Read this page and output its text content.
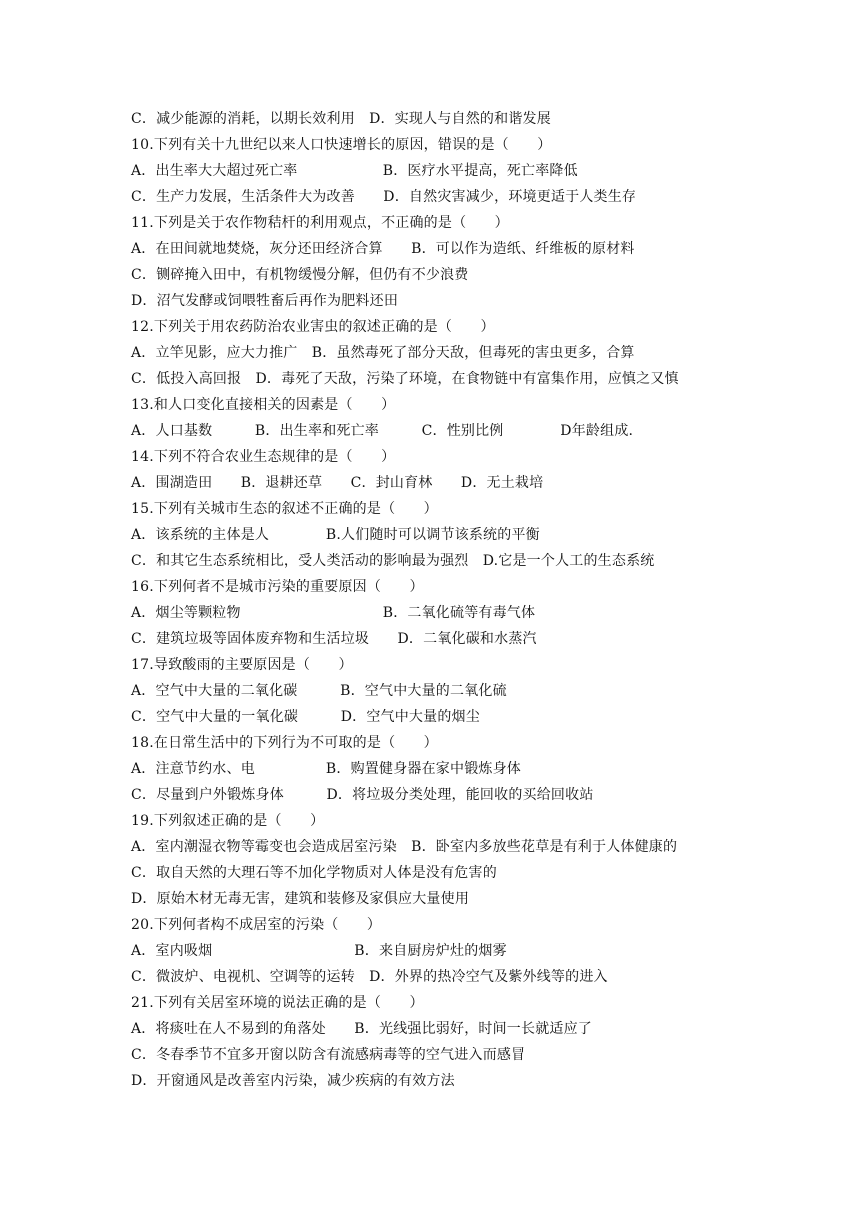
C．减少能源的消耗，以期长效利用　D．实现人与自然的和谐发展
10.下列有关十九世纪以来人口快速增长的原因，错误的是（　　）
A．出生率大大超过死亡率　　　　　　B．医疗水平提高，死亡率降低
C．生产力发展，生活条件大为改善　　D．自然灾害减少，环境更适于人类生存
11.下列是关于农作物秸杆的利用观点，不正确的是（　　）
A．在田间就地焚烧，灰分还田经济合算　　B．可以作为造纸、纤维板的原材料
C．铡碎掩入田中，有机物缓慢分解，但仍有不少浪费
D．沼气发酵或饲喂牲畜后再作为肥料还田
12.下列关于用农药防治农业害虫的叙述正确的是（　　）
A．立竿见影，应大力推广　B．虽然毒死了部分天敌，但毒死的害虫更多，合算
C．低投入高回报　D．毒死了天敌，污染了环境，在食物链中有富集作用，应慎之又慎
13.和人口变化直接相关的因素是（　　）
A．人口基数　　　B．出生率和死亡率　　　C．性别比例　　　　D年龄组成.
14.下列不符合农业生态规律的是（　　）
A．围湖造田　　B．退耕还草　　C．封山育林　　D．无土栽培
15.下列有关城市生态的叙述不正确的是（　　）
A．该系统的主体是人　　　　B.人们随时可以调节该系统的平衡
C．和其它生态系统相比，受人类活动的影响最为强烈　D.它是一个人工的生态系统
16.下列何者不是城市污染的重要原因（　　）
A．烟尘等颗粒物　　　　　　　　　　B．二氧化硫等有毒气体
C．建筑垃圾等固体废弃物和生活垃圾　　D．二氧化碳和水蒸汽
17.导致酸雨的主要原因是（　　）
A．空气中大量的二氧化碳　　　B．空气中大量的二氧化硫
C．空气中大量的一氧化碳　　　D．空气中大量的烟尘
18.在日常生活中的下列行为不可取的是（　　）
A．注意节约水、电　　　　　B．购置健身器在家中锻炼身体
C．尽量到户外锻炼身体　　　D．将垃圾分类处理，能回收的买给回收站
19.下列叙述正确的是（　　）
A．室内潮湿衣物等霉变也会造成居室污染　B．卧室内多放些花草是有利于人体健康的
C．取自天然的大理石等不加化学物质对人体是没有危害的
D．原始木材无毒无害，建筑和装修及家俱应大量使用
20.下列何者构不成居室的污染（　　）
A．室内吸烟　　　　　　　　　　B．来自厨房炉灶的烟雾
C．微波炉、电视机、空调等的运转　D．外界的热冷空气及紫外线等的进入
21.下列有关居室环境的说法正确的是（　　）
A．将痰吐在人不易到的角落处　　B．光线强比弱好，时间一长就适应了
C．冬春季节不宜多开窗以防含有流感病毒等的空气进入而感冒
D．开窗通风是改善室内污染，减少疾病的有效方法
